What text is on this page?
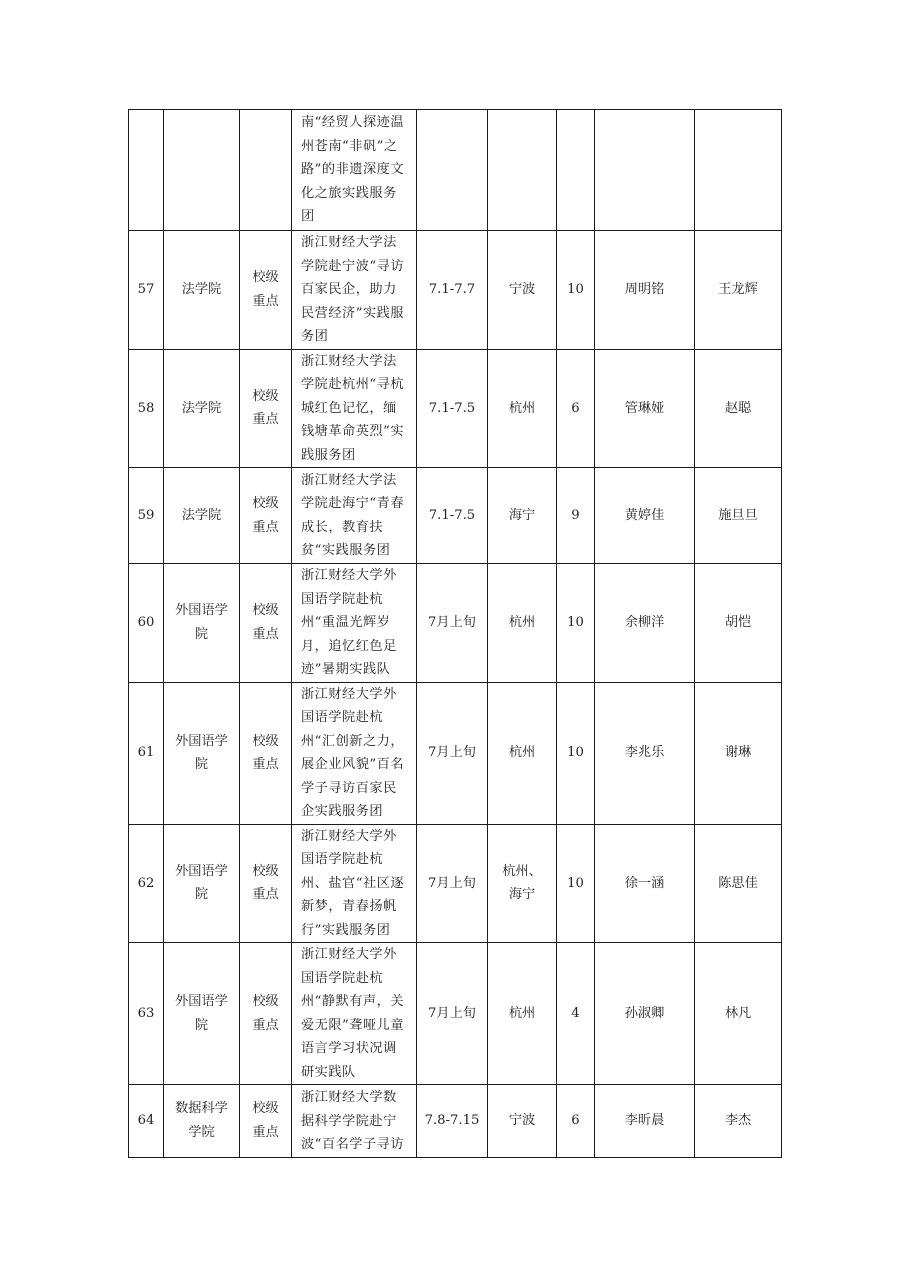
			南“经贸人探迹温州苍南“非矾”之路”的非遗深度文化之旅实践服务团					

57	法学院	校级重点	浙江财经大学法学院赴宁波“寻访百家民企，助力民营经济”实践服务团	7.1-7.7	宁波	10	周明铭	王龙辉

58	法学院	校级重点	浙江财经大学法学院赴杭州“寻杭城红色记忆，缅钱塘革命英烈”实践服务团	7.1-7.5	杭州	6	管琳娅	赵聪

59	法学院	校级重点	浙江财经大学法学院赴海宁“青春成长，教育扶贫“实践服务团	7.1-7.5	海宁	9	黄婷佳	施旦旦

60	外国语学院	校级重点	浙江财经大学外国语学院赴杭州“重温光辉岁月，追忆红色足迹”暑期实践队	7月上旬	杭州	10	余柳洋	胡恺

61	外国语学院	校级重点	浙江财经大学外国语学院赴杭州“汇创新之力，展企业风貌”百名学子寻访百家民企实践服务团	7月上旬	杭州	10	李兆乐	谢琳

62	外国语学院	校级重点	浙江财经大学外国语学院赴杭州、盐官“社区逐新梦，青春扬帆行”实践服务团	7月上旬	杭州、海宁	10	徐一涵	陈思佳

63	外国语学院	校级重点	浙江财经大学外国语学院赴杭州“静默有声，关爱无限”聋哑儿童语言学习状况调研实践队	7月上旬	杭州	4	孙淑卿	林凡

64	数据科学学院	校级重点	浙江财经大学数据科学学院赴宁波“百名学子寻访	7.8-7.15	宁波	6	李昕晨	李杰
